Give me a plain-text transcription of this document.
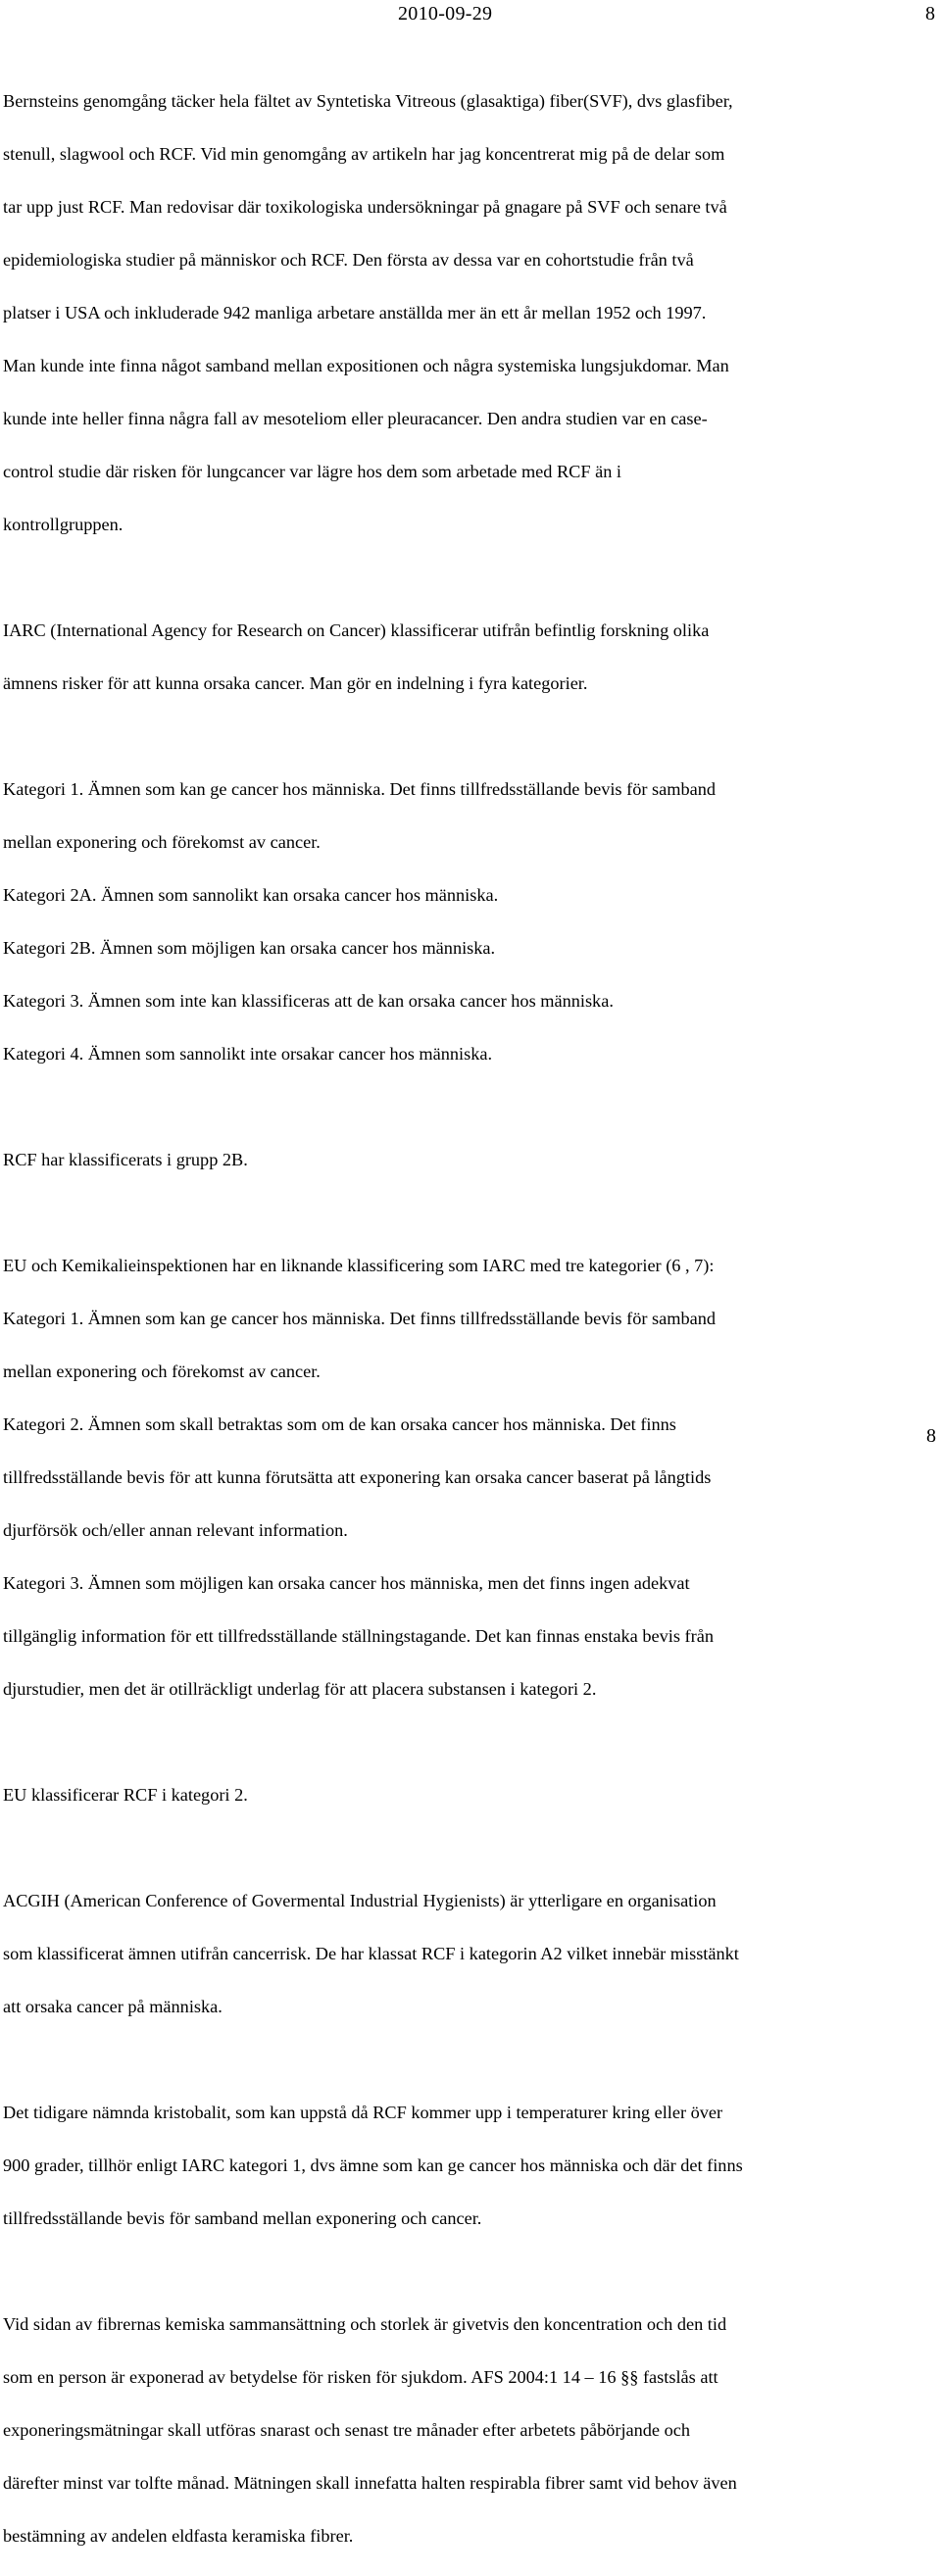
2010-09-29	8

Bernsteins genomgång täcker hela fältet av Syntetiska Vitreous (glasaktiga) fiber(SVF), dvs glasfiber,

stenull, slagwool och RCF. Vid min genomgång av artikeln har jag koncentrerat mig på de delar som

tar upp just RCF. Man redovisar där toxikologiska undersökningar på gnagare på SVF och senare två

epidemiologiska studier på människor och RCF. Den första av dessa var en cohortstudie från två

platser i USA och inkluderade 942 manliga arbetare anställda mer än ett år mellan 1952 och 1997.

Man kunde inte finna något samband mellan expositionen och några systemiska lungsjukdomar. Man

kunde inte heller finna några fall av mesoteliom eller pleuracancer. Den andra studien var en case-

control studie där risken för lungcancer var lägre hos dem som arbetade med RCF än i

kontrollgruppen.

IARC (International Agency for Research on Cancer) klassificerar utifrån befintlig forskning olika

ämnens risker för att kunna orsaka cancer. Man gör en indelning i fyra kategorier.

Kategori 1. Ämnen som kan ge cancer hos människa. Det finns tillfredsställande bevis för samband

mellan exponering och förekomst av cancer.

Kategori 2A. Ämnen som sannolikt kan orsaka cancer hos människa.

Kategori 2B. Ämnen som möjligen kan orsaka cancer hos människa.

Kategori 3. Ämnen som inte kan klassificeras att de kan orsaka cancer hos människa.

Kategori 4. Ämnen som sannolikt inte orsakar cancer hos människa.

RCF har klassificerats i grupp 2B.

EU och Kemikalieinspektionen har en liknande klassificering som IARC med tre kategorier (6 , 7):

Kategori 1. Ämnen som kan ge cancer hos människa. Det finns tillfredsställande bevis för samband

mellan exponering och förekomst av cancer.

Kategori 2. Ämnen som skall betraktas som om de kan orsaka cancer hos människa. Det finns

tillfredsställande bevis för att kunna förutsätta att exponering kan orsaka cancer baserat på långtids

djurförsök och/eller annan relevant information.

Kategori 3. Ämnen som möjligen kan orsaka cancer hos människa, men det finns ingen adekvat

tillgänglig information för ett tillfredsställande ställningstagande. Det kan finnas enstaka bevis från

djurstudier, men det är otillräckligt underlag för att placera substansen i kategori 2.

EU klassificerar RCF i kategori 2.

ACGIH (American Conference of Govermental Industrial Hygienists) är ytterligare en organisation

som klassificerat ämnen utifrån cancerrisk. De har klassat RCF i kategorin A2 vilket innebär misstänkt

att orsaka cancer på människa.

Det tidigare nämnda kristobalit, som kan uppstå då RCF kommer upp i temperaturer kring eller över

900 grader, tillhör enligt IARC kategori 1, dvs ämne som kan ge cancer hos människa och där det finns

tillfredsställande bevis för samband mellan exponering och cancer.

Vid sidan av fibrernas kemiska sammansättning och storlek är givetvis den koncentration och den tid

som en person är exponerad av betydelse för risken för sjukdom. AFS 2004:1 14 – 16 §§ fastslås att

exponeringsmätningar skall utföras snarast och senast tre månader efter arbetets påbörjande och

därefter minst var tolfte månad. Mätningen skall innefatta halten respirabla fibrer samt vid behov även

bestämning av andelen eldfasta keramiska fibrer.

8
